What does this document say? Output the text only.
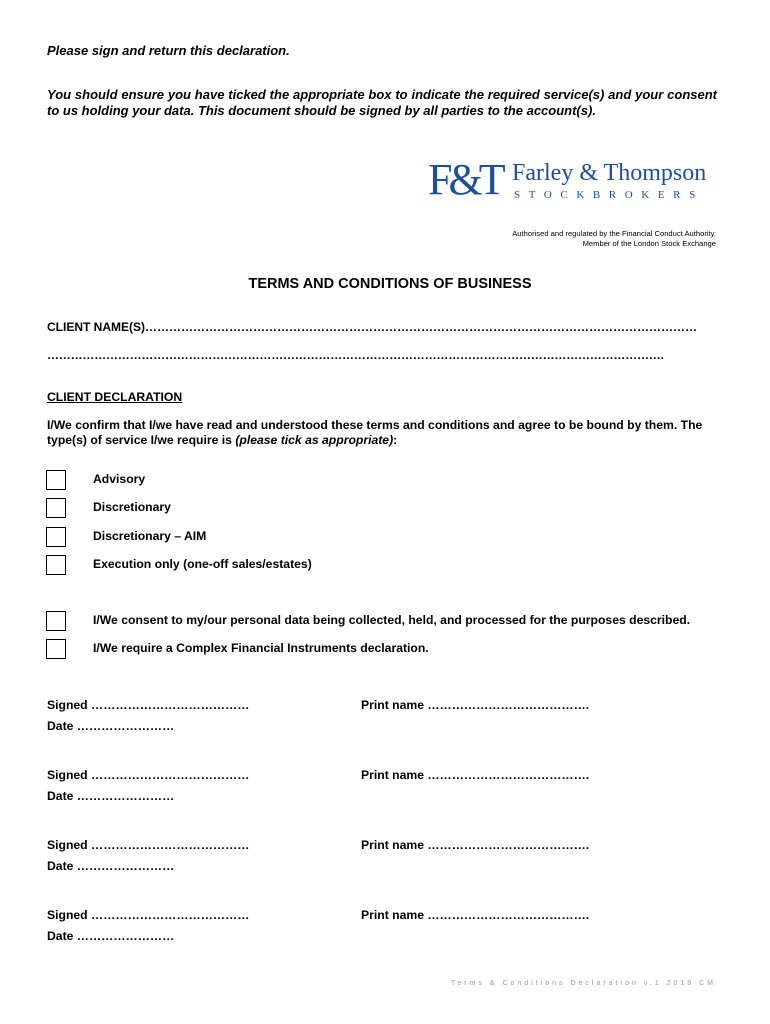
Please sign and return this declaration.
You should ensure you have ticked the appropriate box to indicate the required service(s) and your consent to us holding your data. This document should be signed by all parties to the account(s).
F&T Farley & Thompson
STOCKBROKERS
Authorised and regulated by the Financial Conduct Authority.
Member of the London Stock Exchange
TERMS AND CONDITIONS OF BUSINESS
CLIENT NAME(S)…………………………………………………………………………………………………………………………
………………………………………………………………………………………………………………………………………….
CLIENT DECLARATION
I/We confirm that I/we have read and understood these terms and conditions and agree to be bound by them. The type(s) of service I/we require is (please tick as appropriate):
Advisory
Discretionary
Discretionary – AIM
Execution only (one-off sales/estates)
I/We consent to my/our personal data being collected, held, and processed for the purposes described.
I/We require a Complex Financial Instruments declaration.
Signed …………………………………	Print name ………………………………….
Date ……………………
Signed …………………………………	Print name ………………………………….
Date ……………………
Signed …………………………………	Print name ………………………………….
Date ……………………
Signed …………………………………	Print name ………………………………….
Date ……………………
Terms & Conditions Declaration v.1 2018 CM
